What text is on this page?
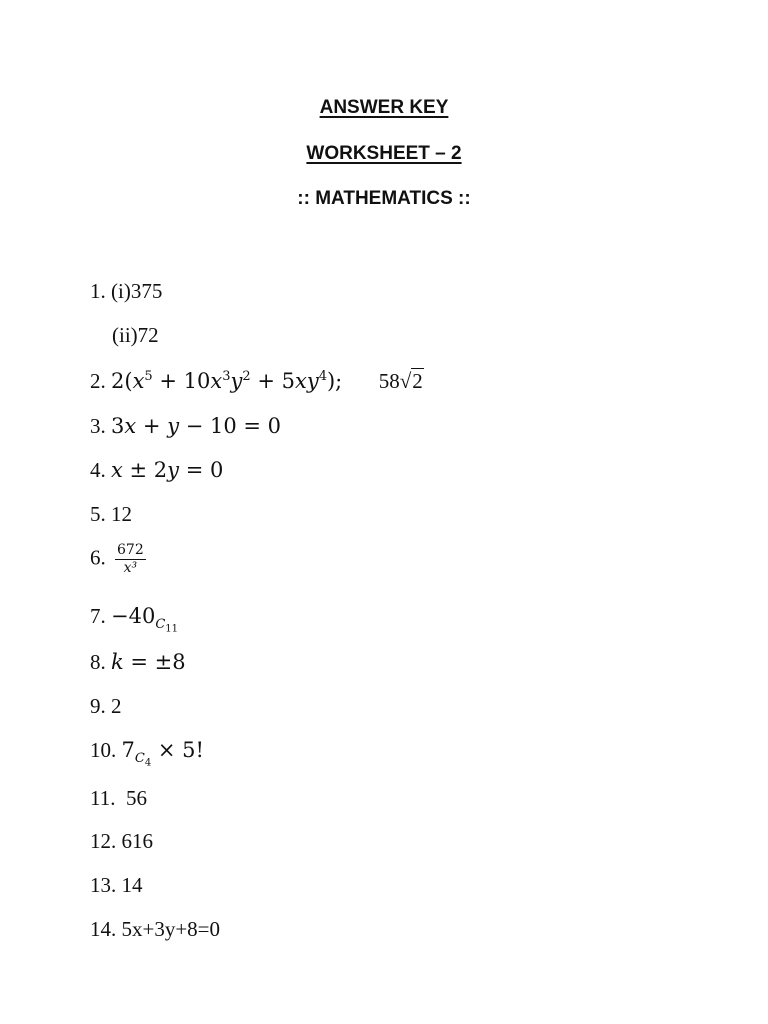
ANSWER KEY
WORKSHEET – 2
:: MATHEMATICS ::
1. (i)375
(ii)72
2. $2(x^5 + 10x^3y^2 + 5xy^4)$; 58√2
3. 3x + y − 10 = 0
4. x ± 2y = 0
5. 12
6. $\frac{672}{\text{x³}}$
7. $-40_{C_{11}}$
8. k = ±8
9. 2
10. $7_{C_4} \times 5$!
11. 56
12. 616
13. 14
14. 5x+3y+8=0
